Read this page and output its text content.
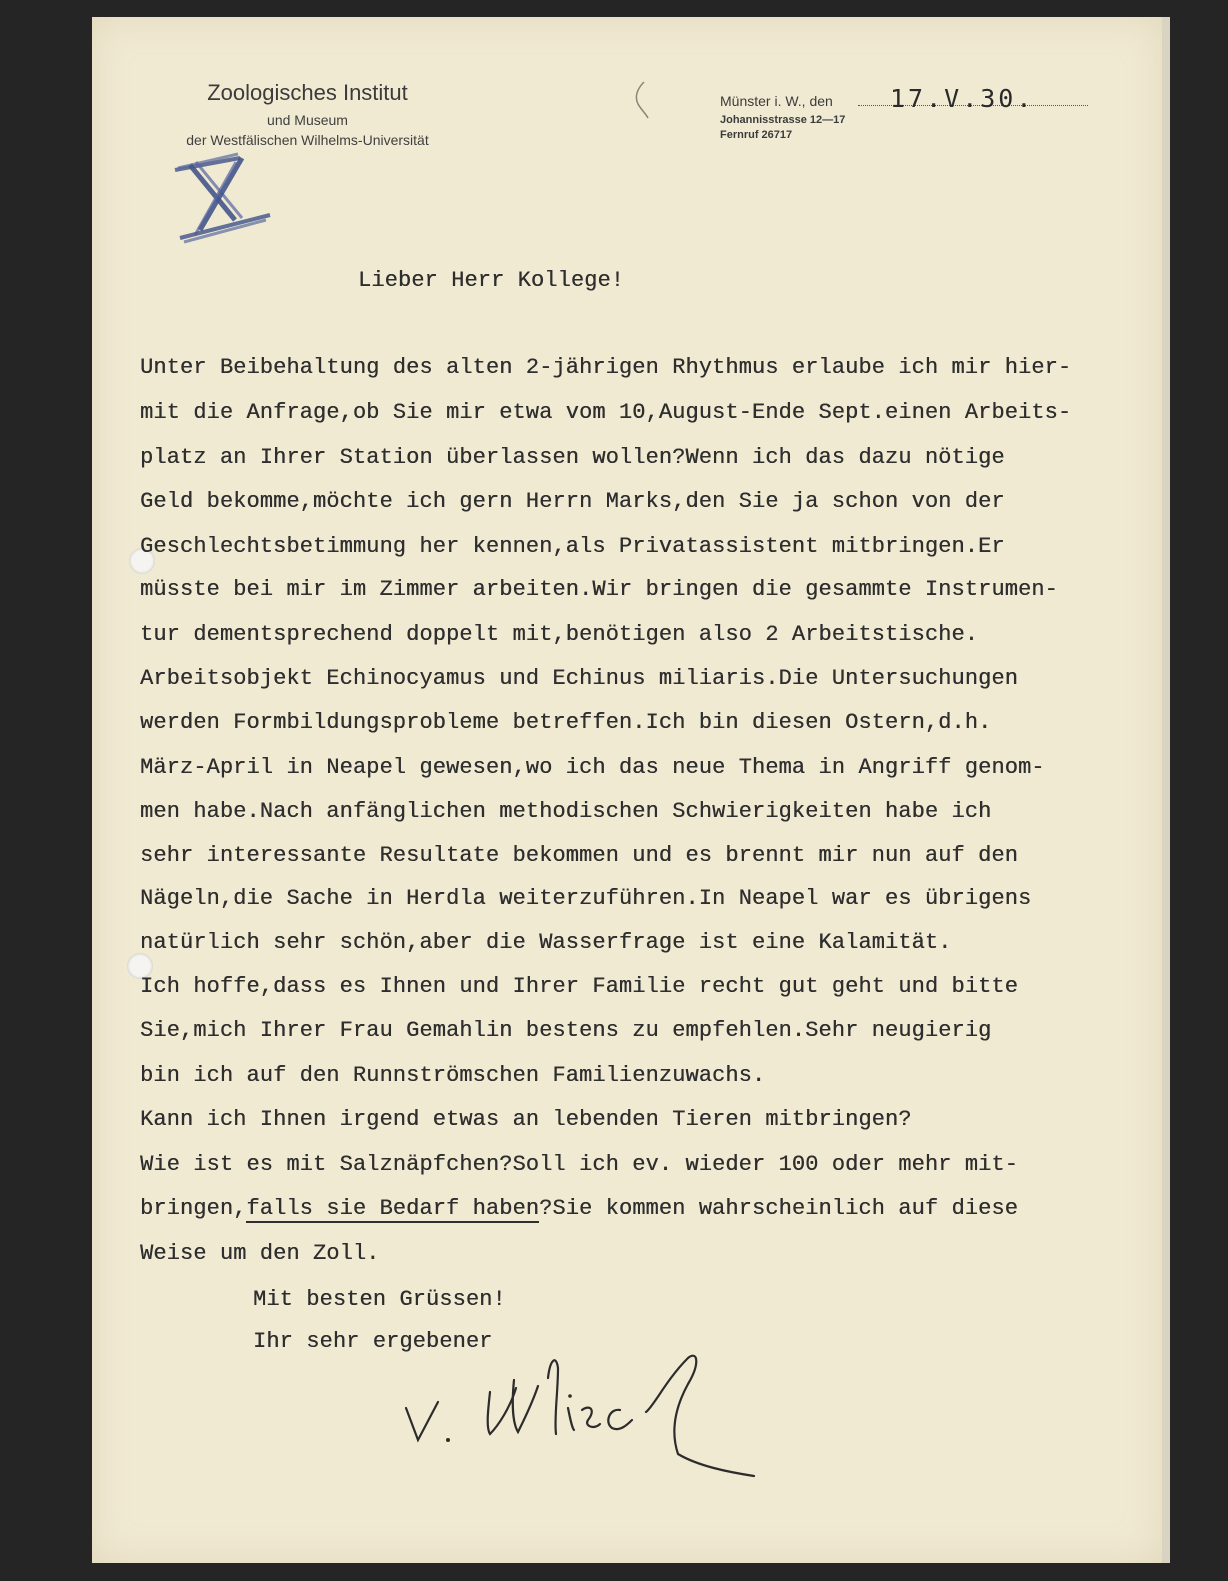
Zoologisches Institut
und Museum
der Westfälischen Wilhelms-Universität
Münster i. W., den 17.V.30.
Johannisstrasse 12—17
Fernruf 26717
Lieber Herr Kollege!
Unter Beibehaltung des alten 2-jährigen Rhythmus erlaube ich mir hier-
mit die Anfrage,ob Sie mir etwa vom 10,August-Ende Sept.einen Arbeits-
platz an Ihrer Station überlassen wollen?Wenn ich das dazu nötige
Geld bekomme,möchte ich gern Herrn Marks,den Sie ja schon von der
Geschlechtsbetimmung her kennen,als Privatassistent mitbringen.Er
müsste bei mir im Zimmer arbeiten.Wir bringen die gesammte Instrumen-
tur dementsprechend doppelt mit,benötigen also 2 Arbeitstische.
Arbeitsobjekt Echinocyamus und Echinus miliaris.Die Untersuchungen
werden Formbildungsprobleme betreffen.Ich bin diesen Ostern,d.h.
März-April in Neapel gewesen,wo ich das neue Thema in Angriff genom-
men habe.Nach anfänglichen methodischen Schwierigkeiten habe ich
sehr interessante Resultate bekommen und es brennt mir nun auf den
Nägeln,die Sache in Herdla weiterzuführen.In Neapel war es übrigens
natürlich sehr schön,aber die Wasserfrage ist eine Kalamität.
Ich hoffe,dass es Ihnen und Ihrer Familie recht gut geht und bitte
Sie,mich Ihrer Frau Gemahlin bestens zu empfehlen.Sehr neugierig
bin ich auf den Runnströmschen Familienzuwachs.
Kann ich Ihnen irgend etwas an lebenden Tieren mitbringen?
Wie ist es mit Salznäpfchen?Soll ich ev. wieder 100 oder mehr mit-
bringen,falls sie Bedarf haben?Sie kommen wahrscheinlich auf diese
Weise um den Zoll.
Mit besten Grüssen!
Ihr sehr ergebener
